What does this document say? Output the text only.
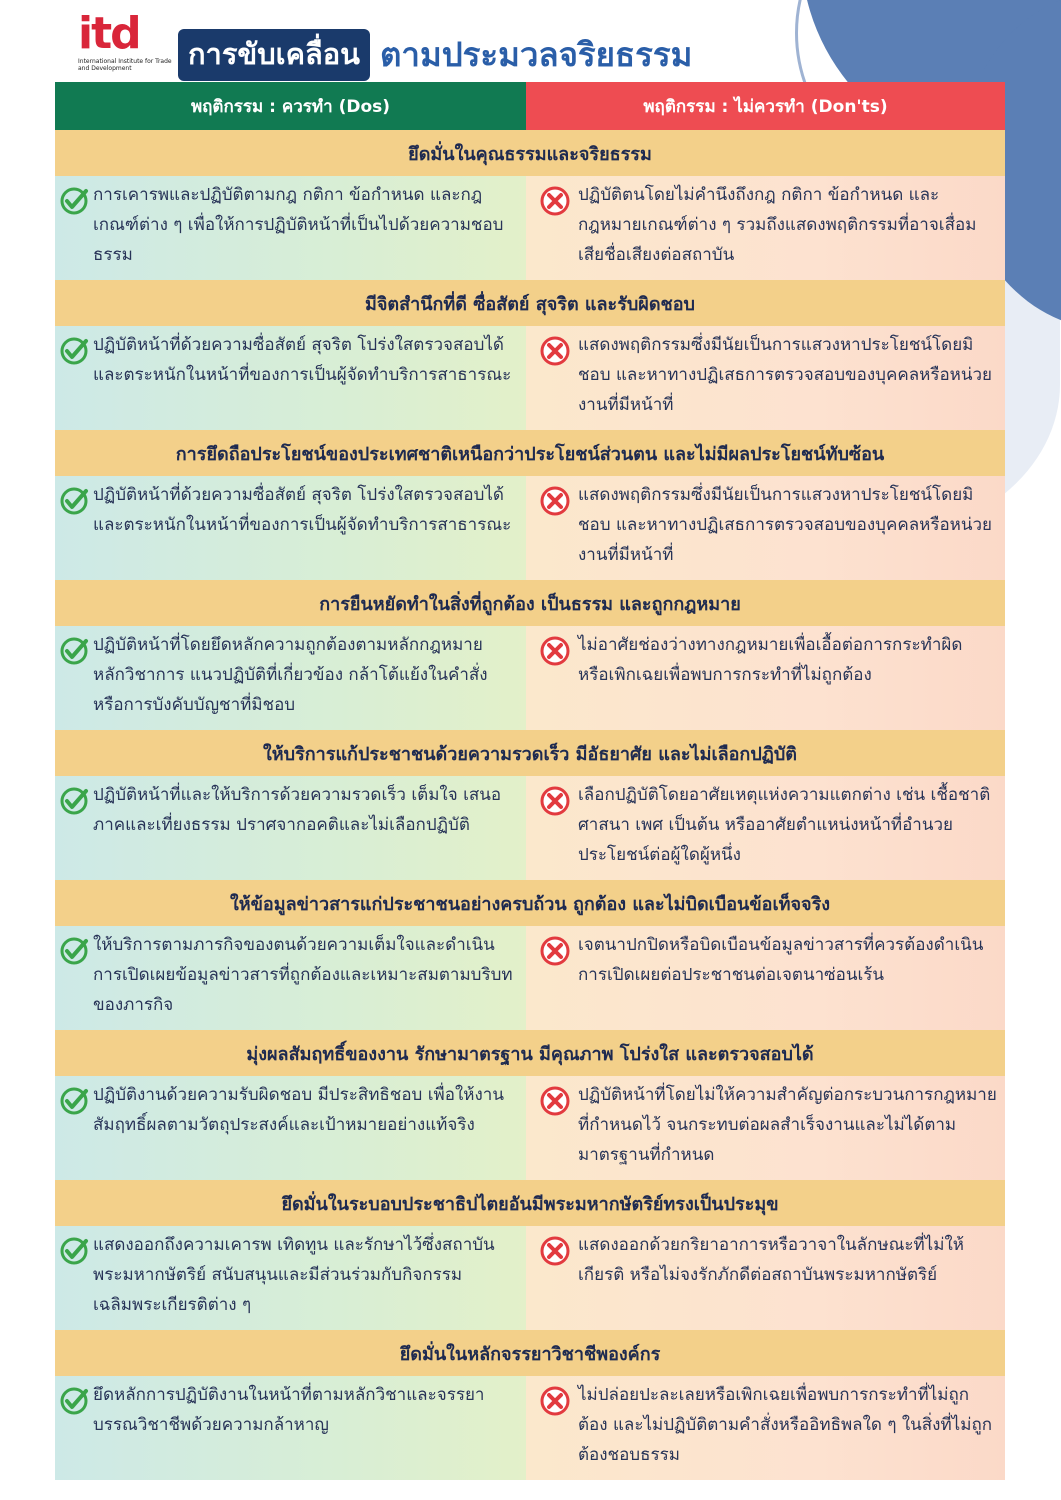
itd
International Institute for Trade and Development	การขับเคลื่อน ตามประมวลจริยธรรม
พฤติกรรม : ควรทำ (Dos)	พฤติกรรม : ไม่ควรทำ (Don'ts)
ยึดมั่นในคุณธรรมและจริยธรรม
การเคารพและปฏิบัติตามกฎ กติกา ข้อกำหนด และกฎเกณฑ์ต่าง ๆ เพื่อให้การปฏิบัติหน้าที่เป็นไปด้วยความชอบธรรม
ปฏิบัติตนโดยไม่คำนึงถึงกฎ กติกา ข้อกำหนด และกฎหมายเกณฑ์ต่าง ๆ รวมถึงแสดงพฤติกรรมที่อาจเสื่อมเสียชื่อเสียงต่อสถาบัน
มีจิตสำนึกที่ดี ซื่อสัตย์ สุจริต และรับผิดชอบ
ปฏิบัติหน้าที่ด้วยความซื่อสัตย์ สุจริต โปร่งใสตรวจสอบได้ และตระหนักในหน้าที่ของการเป็นผู้จัดทำบริการสาธารณะ
แสดงพฤติกรรมซึ่งมีนัยเป็นการแสวงหาประโยชน์โดยมิชอบ และหาทางปฏิเสธการตรวจสอบของบุคคลหรือหน่วยงานที่มีหน้าที่
การยึดถือประโยชน์ของประเทศชาติเหนือกว่าประโยชน์ส่วนตน และไม่มีผลประโยชน์ทับซ้อน
ปฏิบัติหน้าที่ด้วยความซื่อสัตย์ สุจริต โปร่งใสตรวจสอบได้ และตระหนักในหน้าที่ของการเป็นผู้จัดทำบริการสาธารณะ
แสดงพฤติกรรมซึ่งมีนัยเป็นการแสวงหาประโยชน์โดยมิชอบ และหาทางปฏิเสธการตรวจสอบของบุคคลหรือหน่วยงานที่มีหน้าที่
การยืนหยัดทำในสิ่งที่ถูกต้อง เป็นธรรม และถูกกฎหมาย
ปฏิบัติหน้าที่โดยยึดหลักความถูกต้องตามหลักกฎหมาย หลักวิชาการ แนวปฏิบัติที่เกี่ยวข้อง กล้าโต้แย้งในคำสั่งหรือการบังคับบัญชาที่มิชอบ
ไม่อาศัยช่องว่างทางกฎหมายเพื่อเอื้อต่อการกระทำผิด หรือเพิกเฉยเพื่อพบการกระทำที่ไม่ถูกต้อง
ให้บริการแก้ประชาชนด้วยความรวดเร็ว มีอัธยาศัย และไม่เลือกปฏิบัติ
ปฏิบัติหน้าที่และให้บริการด้วยความรวดเร็ว เต็มใจ เสนอภาคและเที่ยงธรรม ปราศจากอคติและไม่เลือกปฏิบัติ
เลือกปฏิบัติโดยอาศัยเหตุแห่งความแตกต่าง เช่น เชื้อชาติ ศาสนา เพศ เป็นต้น หรืออาศัยตำแหน่งหน้าที่อำนวยประโยชน์ต่อผู้ใดผู้หนึ่ง
ให้ข้อมูลข่าวสารแก่ประชาชนอย่างครบถ้วน ถูกต้อง และไม่บิดเบือนข้อเท็จจริง
ให้บริการตามภารกิจของตนด้วยความเต็มใจและดำเนินการเปิดเผยข้อมูลข่าวสารที่ถูกต้องและเหมาะสมตามบริบทของภารกิจ
เจตนาปกปิดหรือบิดเบือนข้อมูลข่าวสารที่ควรต้องดำเนินการเปิดเผยต่อประชาชนต่อเจตนาซ่อนเร้น
มุ่งผลสัมฤทธิ์ของงาน รักษามาตรฐาน มีคุณภาพ โปร่งใส และตรวจสอบได้
ปฏิบัติงานด้วยความรับผิดชอบ มีประสิทธิชอบ เพื่อให้งานสัมฤทธิ์ผลตามวัตถุประสงค์และเป้าหมายอย่างแท้จริง
ปฏิบัติหน้าที่โดยไม่ให้ความสำคัญต่อกระบวนการกฎหมายที่กำหนดไว้ จนกระทบต่อผลสำเร็จงานและไม่ได้ตามมาตรฐานที่กำหนด
ยึดมั่นในระบอบประชาธิปไตยอันมีพระมหากษัตริย์ทรงเป็นประมุข
แสดงออกถึงความเคารพ เทิดทูน และรักษาไว้ซึ่งสถาบันพระมหากษัตริย์ สนับสนุนและมีส่วนร่วมกับกิจกรรมเฉลิมพระเกียรติต่าง ๆ
แสดงออกด้วยกริยาอาการหรือวาจาในลักษณะที่ไม่ให้เกียรติ หรือไม่จงรักภักดีต่อสถาบันพระมหากษัตริย์
ยึดมั่นในหลักจรรยาวิชาชีพองค์กร
ยึดหลักการปฏิบัติงานในหน้าที่ตามหลักวิชาและจรรยาบรรณวิชาชีพด้วยความกล้าหาญ
ไม่ปล่อยปะละเลยหรือเพิกเฉยเพื่อพบการกระทำที่ไม่ถูกต้อง และไม่ปฏิบัติตามคำสั่งหรืออิทธิพลใด ๆ ในสิ่งที่ไม่ถูกต้องชอบธรรม
